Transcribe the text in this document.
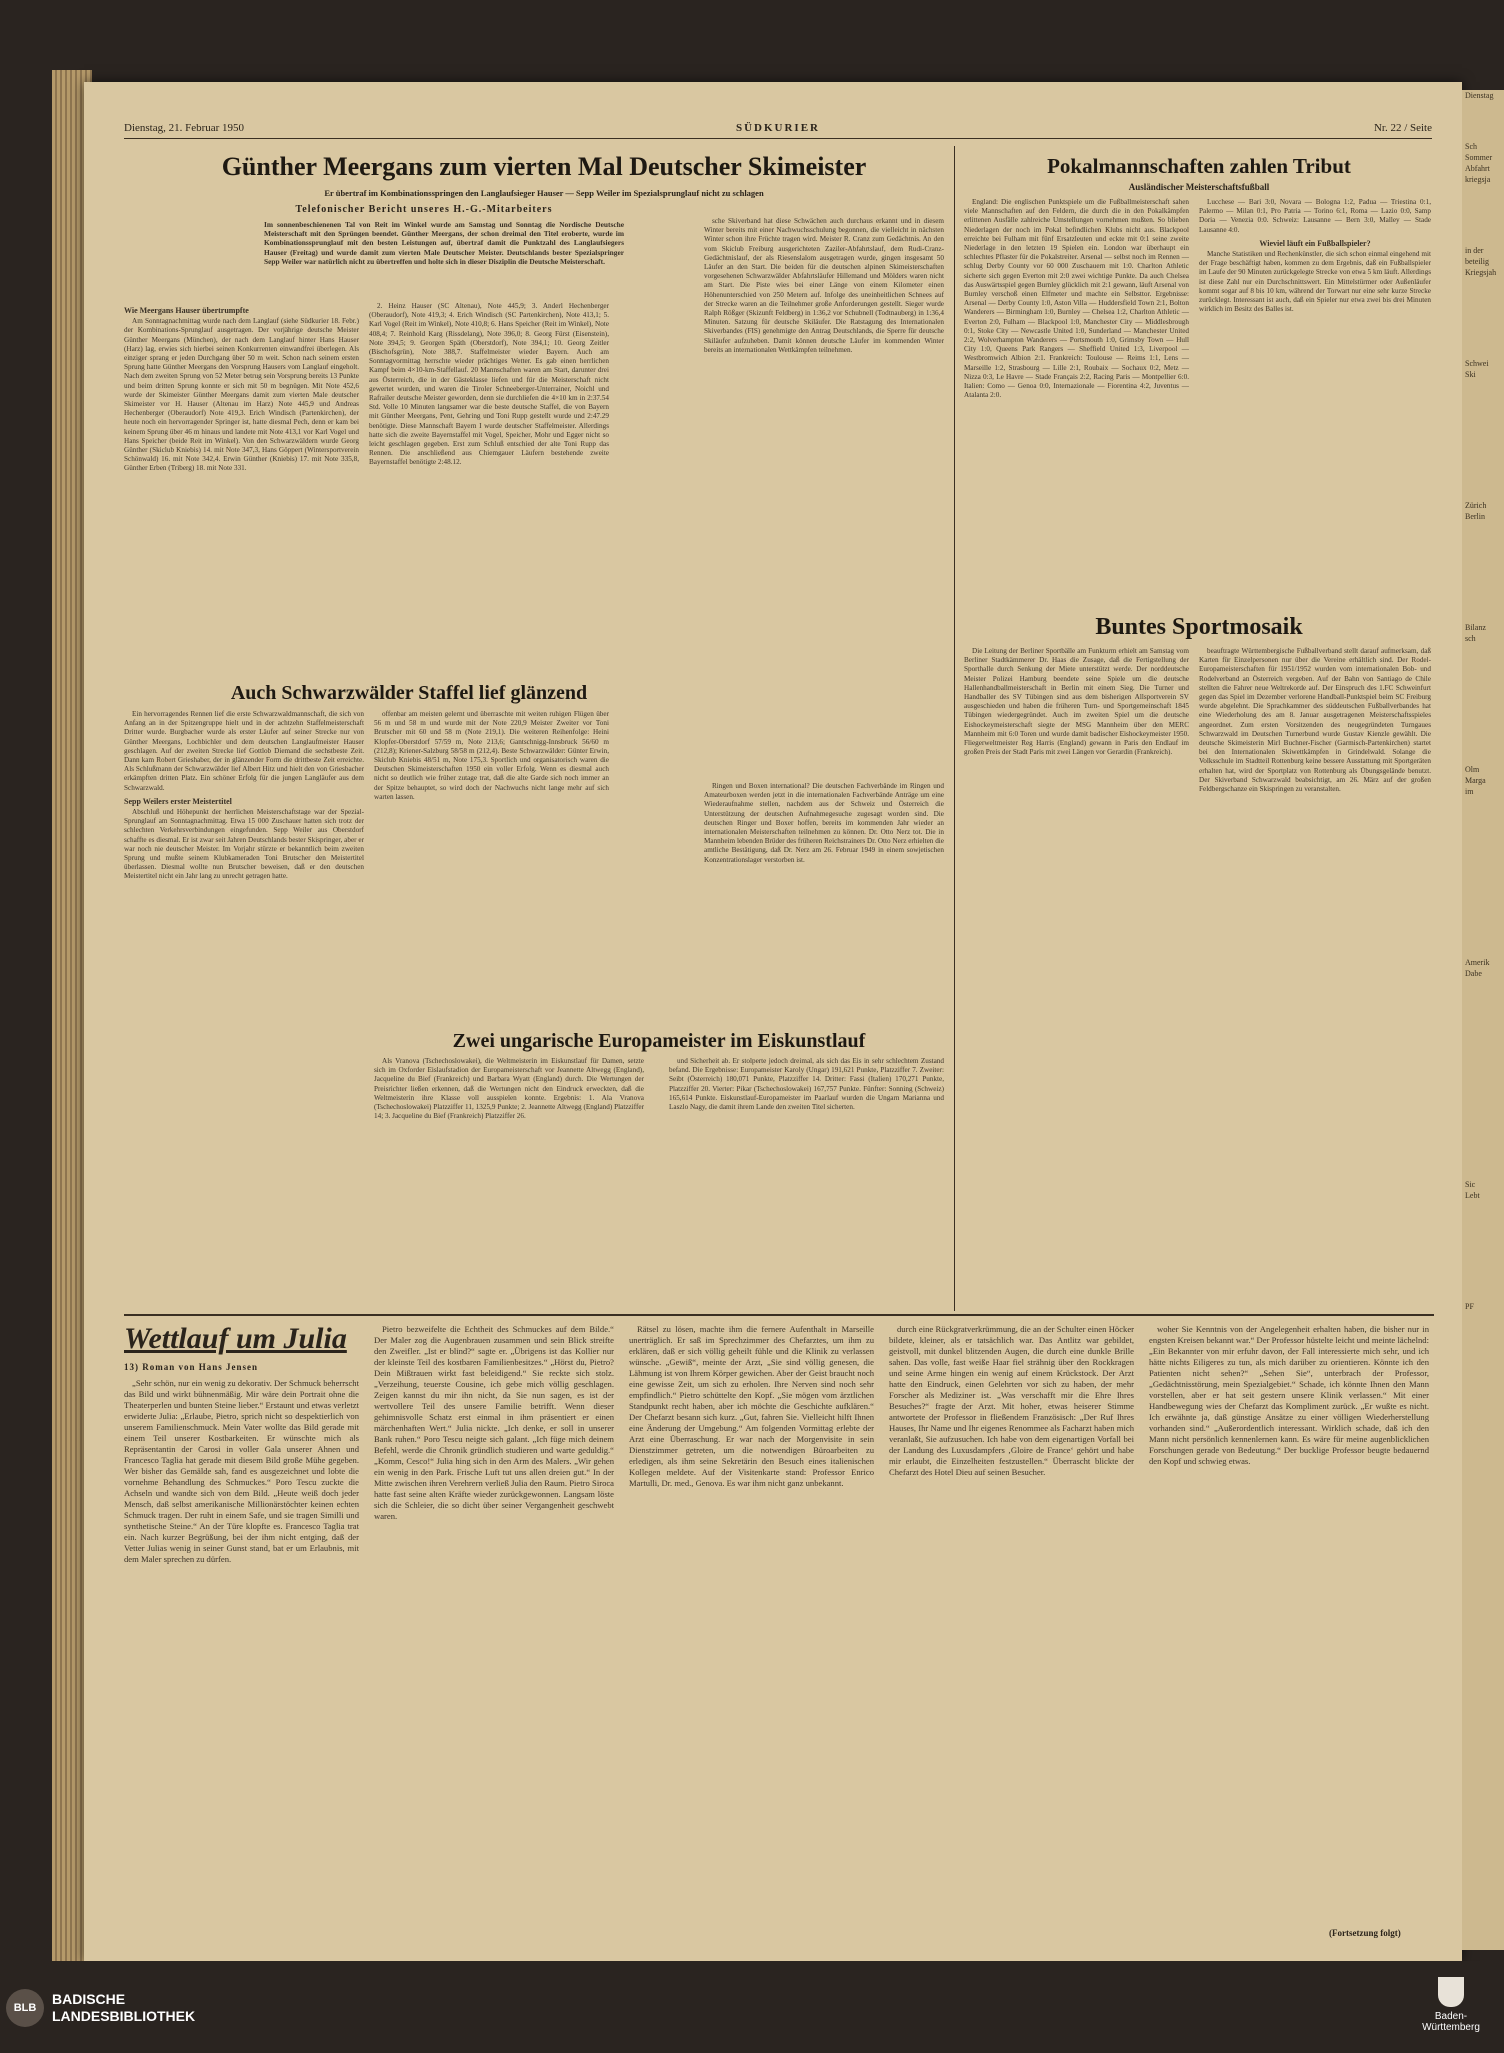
Dienstag, 21. Februar 1950	SÜDKURIER	Nr. 22 / Seite
Günther Meergans zum vierten Mal Deutscher Skimeister
Er übertraf im Kombinationsspringen den Langlaufsieger Hauser — Sepp Weiler im Spezialsprunglauf nicht zu schlagen
Telefonischer Bericht unseres H.-G.-Mitarbeiters
Im sonnenbeschienenen Tal von Reit im Winkel wurde am Samstag und Sonntag die Nordische Deutsche Meisterschaft mit den Sprüngen beendet. Günther Meergans, der schon dreimal den Titel eroberte, wurde im Kombinationssprunglauf mit den besten Leistungen auf, übertraf damit die Punktzahl des Langlaufsiegers Hauser (Freitag) und wurde damit zum vierten Male Deutscher Meister. Deutschlands bester Spezialspringer Sepp Weiler war natürlich nicht zu übertreffen und holte sich in dieser Disziplin die Deutsche Meisterschaft.
Wie Meergans Hauser übertrumpfte

Am Sonntagnachmittag wurde nach dem Langlauf (siehe Südkurier 18. Febr.) der Kombinations-Sprunglauf ausgetragen. Der vorjährige deutsche Meister Günther Meergans (München), der nach dem Langlauf hinter Hans Hauser (Harz) lag, erwies sich hierbei seinen Konkurrenten einwandfrei überlegen. Als einziger sprang er jeden Durchgang über 50 m weit. Schon nach seinem ersten Sprung hatte Günther Meergans den Vorsprung Hausers vom Langlauf eingeholt. Nach dem zweiten Sprung von 52 Meter betrug sein Vorsprung bereits 13 Punkte und beim dritten Sprung konnte er sich mit 50 m begnügen. Mit Note 452,6 wurde der Skimeister Günther Meergans damit zum vierten Male deutscher Skimeister vor H. Hauser (Altenau im Harz) Note 445,9 und Andreas Hechenberger (Oberaudorf) Note 419,3. Erich Windisch (Partenkirchen), der heute noch ein hervorragender Springer ist, hatte diesmal Pech, denn er kam bei keinem Sprung über 46 m hinaus und landete mit Note 413,1 vor Karl Vogel und Hans Speicher (beide Reit im Winkel). Von den Schwarzwäldern wurde Georg Günther (Skiclub Kniebis) 14. mit Note 347,3, Hans Göppert (Wintersportverein Schönwald) 16. mit Note 342,4. Erwin Günther (Kniebis) 17. mit Note 335,8, Günther Erben (Triberg) 18. mit Note 331.

2. Heinz Hauser (SC Altenau), Note 445,9; 3. Anderl Hechenberger (Oberaudorf), Note 419,3; 4. Erich Windisch (SC Partenkirchen), Note 413,1; 5. Karl Vogel (Reit im Winkel), Note 410,8; 6. Hans Speicher (Reit im Winkel), Note 408,4; 7. Reinhold Karg (Rissdelang), Note 396,0; 8. Georg Fürst (Eisenstein), Note 394,5; 9. Georgen Späth (Oberstdorf), Note 394,1; 10. Georg Zeitler (Bischofsgrün), Note 388,7. Staffelmeister wieder Bayern. Auch am Sonntagvormittag herrschte wieder prächtiges Wetter. Es gab einen herrlichen Kampf beim 4×10-km-Staffellauf. 20 Mannschaften waren am Start, darunter drei aus Österreich, die in der Gästeklasse liefen und für die Meisterschaft nicht gewertet wurden, und waren die Tiroler Schneeberger-Unterrainer, Noichl und Rafrailer deutsche Meister geworden, denn sie durchliefen die 4×10 km in 2:37.54 Std. Volle 10 Minuten langsamer war die beste deutsche Staffel, die von Bayern mit Günther Meergans, Pent, Gehring und Toni Rupp gestellt wurde und 2:47.29 benötigte. Diese Mannschaft Bayern I wurde deutscher Staffelmeister. Allerdings hatte sich die zweite Bayernstaffel mit Vogel, Speicher, Mohr und Egger nicht so leicht geschlagen gegeben. Erst zum Schluß entschied der alte Toni Rupp das Rennen. Die anschließend aus Chiemgauer Läufern bestehende zweite Bayernstaffel benötigte 2:48.12.

sche Skiverband hat diese Schwächen auch durchaus erkannt und in diesem Winter bereits mit einer Nachwuchsschulung begonnen, die vielleicht in nächsten Winter schon ihre Früchte tragen wird. Meister R. Cranz zum Gedächtnis. An den vom Skiclub Freiburg ausgerichteten Zaziler-Abfahrtslauf, dem Rudi-Cranz-Gedächtnislauf, der als Riesenslalom ausgetragen wurde, gingen insgesamt 50 Läufer an den Start. Die beiden für die deutschen alpinen Skimeisterschaften vorgesehenen Schwarzwälder Abfahrtsläufer Hillemand und Mölders waren nicht am Start. Die Piste wies bei einer Länge von einem Kilometer einen Höhenunterschied von 250 Metern auf. Infolge des uneinheitlichen Schnees auf der Strecke waren an die Teilnehmer große Anforderungen gestellt. Sieger wurde Ralph Rößger (Skizunft Feldberg) in 1:36,2 vor Schubnell (Todtnauberg) in 1:36,4 Minuten. Satzung für deutsche Skiläufer. Die Ratstagung des Internationalen Skiverbandes (FIS) genehmigte den Antrag Deutschlands, die Sperre für deutsche Skiläufer aufzuheben. Damit können deutsche Läufer im kommenden Winter bereits an internationalen Wettkämpfen teilnehmen.

Auch Schwarzwälder Staffel lief glänzend

Ein hervorragendes Rennen lief die erste Schwarzwaldmannschaft, die sich von Anfang an in der Spitzengruppe hielt und in der achtzehn Staffelmeisterschaft Dritter wurde. Burgbacher wurde als erster Läufer auf seiner Strecke nur von Günther Meergans, Lochbichler und dem deutschen Langlaufmeister Hauser geschlagen. Auf der zweiten Strecke lief Gottlob Diemand die sechstbeste Zeit. Dann kam Robert Grieshaber, der in glänzender Form die drittbeste Zeit erreichte. Als Schlußmann der Schwarzwälder lief Albert Hitz und hielt den von Griesbacher erkämpften dritten Platz. Ein schöner Erfolg für die jungen Langläufer aus dem Schwarzwald.

Sepp Weilers erster Meistertitel

Abschluß und Höhepunkt der herrlichen Meisterschaftstage war der Spezial-Sprunglauf am Sonntagnachmittag. Etwa 15 000 Zuschauer hatten sich trotz der schlechten Verkehrsverbindungen eingefunden. Sepp Weiler aus Oberstdorf schaffte es diesmal. Er ist zwar seit Jahren Deutschlands bester Skispringer, aber er war noch nie deutscher Meister. Im Vorjahr stürzte er bekanntlich beim zweiten Sprung und mußte seinem Klubkameraden Toni Brutscher den Meistertitel überlassen. Diesmal wollte nun Brutscher beweisen, daß er den deutschen Meistertitel nicht ein Jahr lang zu unrecht getragen hatte.

offenbar am meisten gelernt und überraschte mit weiten ruhigen Flügen über 56 m und 58 m und wurde mit der Note 220,9 Meister Zweiter vor Toni Brutscher mit 60 und 58 m (Note 219,1). Die weiteren Reihenfolge: Heini Klopfer-Oberstdorf 57/59 m, Note 213,6; Gantschnigg-Innsbruck 56/60 m (212,8); Kriener-Salzburg 58/58 m (212,4). Beste Schwarzwälder: Günter Erwin, Skiclub Kniebis 48/51 m, Note 175,3. Sportlich und organisatorisch waren die Deutschen Skimeisterschaften 1950 ein voller Erfolg. Wenn es diesmal auch nicht so deutlich wie früher zutage trat, daß die alte Garde sich noch immer an der Spitze behauptet, so wird doch der Nachwuchs nicht lange mehr auf sich warten lassen.

Ringen und Boxen international? Die deutschen Fachverbände im Ringen und Amateurboxen werden jetzt in die internationalen Fachverbände Anträge um eine Wiederaufnahme stellen, nachdem aus der Schweiz und Österreich die Unterstützung der deutschen Aufnahmegesuche zugesagt worden sind. Die deutschen Ringer und Boxer hoffen, bereits im kommenden Jahr wieder an internationalen Meisterschaften teilnehmen zu können. Dr. Otto Nerz tot. Die in Mannheim lebenden Brüder des früheren Reichstrainers Dr. Otto Nerz erhielten die amtliche Bestätigung, daß Dr. Nerz am 26. Februar 1949 in einem sowjetischen Konzentrationslager verstorben ist.

Zwei ungarische Europameister im Eiskunstlauf

Als Vranova (Tschechoslowakei), die Weltmeisterin im Eiskunstlauf für Damen, setzte sich im Oxforder Eislaufstadion der Europameisterschaft vor Jeannette Altwegg (England), Jacqueline du Bief (Frankreich) und Barbara Wyatt (England) durch. Die Wertungen der Preisrichter ließen erkennen, daß die Wertungen nicht den Eindruck erweckten, daß die Weltmeisterin ihre Klasse voll ausspielen konnte. Ergebnis: 1. Ala Vranova (Tschechoslowakei) Platzziffer 11, 1325,9 Punkte; 2. Jeannette Altwegg (England) Platzziffer 14; 3. Jacqueline du Bief (Frankreich) Platzziffer 26.

und Sicherheit ab. Er stolperte jedoch dreimal, als sich das Eis in sehr schlechtem Zustand befand. Die Ergebnisse: Europameister Karoly (Ungar) 191,621 Punkte, Platzziffer 7. Zweiter: Seibt (Österreich) 180,071 Punkte, Platzziffer 14. Dritter: Fassi (Italien) 170,271 Punkte, Platzziffer 20. Vierter: Pikar (Tschechoslowakei) 167,757 Punkte. Fünfter: Sonning (Schweiz) 165,614 Punkte. Eiskunstlauf-Europameister im Paarlauf wurden die Ungarn Marianna und Laszlo Nagy, die damit ihrem Lande den zweiten Titel sicherten.

Pokalmannschaften zahlen Tribut
Ausländischer Meisterschaftsfußball

England: Die englischen Punktspiele um die Fußballmeisterschaft sahen viele Mannschaften auf den Feldern, die durch die in den Pokalkämpfen erlittenen Ausfälle zahlreiche Umstellungen vornehmen mußten. So blieben Niederlagen der noch im Pokal befindlichen Klubs nicht aus. Blackpool erreichte bei Fulham mit fünf Ersatzleuten und eckte mit 0:1 seine zweite Niederlage in den letzten 19 Spielen ein. London war überhaupt ein schlechtes Pflaster für die Pokalstreiter. Arsenal — selbst noch im Rennen — schlug Derby County vor 60 000 Zuschauern mit 1:0. Charlton Athletic sicherte sich gegen Everton mit 2:0 zwei wichtige Punkte. Da auch Chelsea das Auswärtsspiel gegen Burnley glücklich mit 2:1 gewann, läuft Arsenal von Burnley verschoß einen Elfmeter und machte ein Selbsttor. Ergebnisse: Arsenal — Derby County 1:0, Aston Villa — Huddersfield Town 2:1, Bolton Wanderers — Birmingham 1:0, Burnley — Chelsea 1:2, Charlton Athletic — Everton 2:0, Fulham — Blackpool 1:0, Manchester City — Middlesbrough 0:1, Stoke City — Newcastle United 1:0, Sunderland — Manchester United 2:2, Wolverhampton Wanderers — Portsmouth 1:0, Grimsby Town — Hull City 1:0, Queens Park Rangers — Sheffield United 1:3, Liverpool — Westbromwich Albion 2:1. Frankreich: Toulouse — Reims 1:1, Lens — Marseille 1:2, Strasbourg — Lille 2:1, Roubaix — Sochaux 0:2, Metz — Nizza 0:3, Le Havre — Stade Français 2:2, Racing Paris — Montpellier 6:0. Italien: Como — Genoa 0:0, Internazionale — Fiorentina 4:2, Juventus — Atalanta 2:0.

Lucchese — Bari 3:0, Novara — Bologna 1:2, Padua — Triestina 0:1, Palermo — Milan 0:1, Pro Patria — Torino 6:1, Roma — Lazio 0:0, Samp Doria — Venezia 0:0. Schweiz: Lausanne — Bern 3:0, Malley — Stade Lausanne 4:0.

Wieviel läuft ein Fußballspieler?

Manche Statistiken und Rechenkünstler, die sich schon einmal eingehend mit der Frage beschäftigt haben, kommen zu dem Ergebnis, daß ein Fußballspieler im Laufe der 90 Minuten zurückgelegte Strecke von etwa 5 km läuft. Allerdings ist diese Zahl nur ein Durchschnittswert. Ein Mittelstürmer oder Außenläufer kommt sogar auf 8 bis 10 km, während der Torwart nur eine sehr kurze Strecke zurücklegt. Interessant ist auch, daß ein Spieler nur etwa zwei bis drei Minuten wirklich im Besitz des Balles ist.

Buntes Sportmosaik

Die Leitung der Berliner Sportbälle am Funkturm erhielt am Samstag vom Berliner Stadtkämmerer Dr. Haas die Zusage, daß die Fertigstellung der Sporthalle durch Senkung der Miete unterstützt werde. Der norddeutsche Meister Polizei Hamburg beendete seine Spiele um die deutsche Hallenhandballmeisterschaft in Berlin mit einem Sieg. Die Turner und Handballer des SV Tübingen sind aus dem bisherigen Allsportverein SV ausgeschieden und haben die früheren Turn- und Sportgemeinschaft 1845 Tübingen wiedergegründet. Auch im zweiten Spiel um die deutsche Eishockeymeisterschaft siegte der MSG Mannheim über den MERC Mannheim mit 6:0 Toren und wurde damit badischer Eishockeymeister 1950. Fliegerweltmeister Reg Harris (England) gewann in Paris den Endlauf im großen Preis der Stadt Paris mit zwei Längen vor Gerardin (Frankreich).

beauftragte Württembergische Fußballverband stellt darauf aufmerksam, daß Karten für Einzelpersonen nur über die Vereine erhältlich sind. Der Rodel-Europameisterschaften für 1951/1952 wurden vom internationalen Bob- und Rodelverband an Österreich vergeben. Auf der Bahn von Santiago de Chile stellten die Fahrer neue Weltrekorde auf. Der Einspruch des 1.FC Schweinfurt gegen das Spiel im Dezember verlorene Handball-Punktspiel beim SC Freiburg wurde abgelehnt. Die Sprachkammer des süddeutschen Fußballverbandes hat eine Wiederholung des am 8. Januar ausgetragenen Meisterschaftsspieles angeordnet. Zum ersten Vorsitzenden des neugegründeten Turngaues Schwarzwald im Deutschen Turnerbund wurde Gustav Kienzle gewählt. Die deutsche Skimeisterin Mirl Buchner-Fischer (Garmisch-Partenkirchen) startet bei den Internationalen Skiwettkämpfen in Grindelwald. Solange die Volksschule im Stadtteil Rottenburg keine bessere Ausstattung mit Sportgeräten erhalten hat, wird der Sportplatz von Rottenburg als Übungsgelände benutzt. Der Skiverband Schwarzwald beabsichtigt, am 26. März auf der großen Feldbergschanze ein Skispringen zu veranstalten.

Wettlauf um Julia
13) Roman von Hans Jensen

„Sehr schön, nur ein wenig zu dekorativ. Der Schmuck beherrscht das Bild und wirkt bühnenmäßig. Mir wäre dein Portrait ohne die Theaterperlen und bunten Steine lieber.“ Erstaunt und etwas verletzt erwiderte Julia: „Erlaube, Pietro, sprich nicht so despektierlich von unserem Familienschmuck. Mein Vater wollte das Bild gerade mit einem Teil unserer Kostbarkeiten. Er wünschte mich als Repräsentantin der Carosi in voller Gala unserer Ahnen und Francesco Taglia hat gerade mit diesem Bild große Mühe gegeben. Wer bisher das Gemälde sah, fand es ausgezeichnet und lobte die vornehme Behandlung des Schmuckes.“ Poro Tescu zuckte die Achseln und wandte sich von dem Bild. „Heute weiß doch jeder Mensch, daß selbst amerikanische Millionärstöchter keinen echten Schmuck tragen. Der ruht in einem Safe, und sie tragen Similli und synthetische Steine.“ An der Türe klopfte es. Francesco Taglia trat ein. Nach kurzer Begrüßung, bei der ihm nicht entging, daß der Vetter Julias wenig in seiner Gunst stand, bat er um Erlaubnis, mit dem Maler sprechen zu dürfen.

Pietro bezweifelte die Echtheit des Schmuckes auf dem Bilde.“ Der Maler zog die Augenbrauen zusammen und sein Blick streifte den Zweifler. „Ist er blind?“ sagte er. „Übrigens ist das Kollier nur der kleinste Teil des kostbaren Familienbesitzes.“ „Hörst du, Pietro? Dein Mißtrauen wirkt fast beleidigend.“ Sie reckte sich stolz. „Verzeihung, teuerste Cousine, ich gebe mich völlig geschlagen. Zeigen kannst du mir ihn nicht, da Sie nun sagen, es ist der wertvollere Teil des unsere Familie betrifft. Wenn dieser gehimnisvolle Schatz erst einmal in ihm präsentiert er einen märchenhaften Wert.“ Julia nickte. „Ich denke, er soll in unserer Bank ruhen.“ Poro Tescu neigte sich galant. „Ich füge mich deinem Befehl, werde die Chronik gründlich studieren und warte geduldig.“ „Komm, Cesco!“ Julia hing sich in den Arm des Malers. „Wir gehen ein wenig in den Park. Frische Luft tut uns allen dreien gut.“ In der Mitte zwischen ihren Verehrern verließ Julia den Raum. Pietro Siroca hatte fast seine alten Kräfte wieder zurückgewonnen. Langsam löste sich die Schleier, die so dicht über seiner Vergangenheit geschwebt waren.

Rätsel zu lösen, machte ihm die fernere Aufenthalt in Marseille unerträglich. Er saß im Sprechzimmer des Chefarztes, um ihm zu erklären, daß er sich völlig geheilt fühle und die Klinik zu verlassen wünsche. „Gewiß“, meinte der Arzt, „Sie sind völlig genesen, die Lähmung ist von Ihrem Körper gewichen. Aber der Geist braucht noch eine gewisse Zeit, um sich zu erholen. Ihre Nerven sind noch sehr empfindlich.“ Pietro schüttelte den Kopf. „Sie mögen vom ärztlichen Standpunkt recht haben, aber ich möchte die Geschichte aufklären.“ Der Chefarzt besann sich kurz. „Gut, fahren Sie. Vielleicht hilft Ihnen eine Änderung der Umgebung.“ Am folgenden Vormittag erlebte der Arzt eine Überraschung. Er war nach der Morgenvisite in sein Dienstzimmer getreten, um die notwendigen Büroarbeiten zu erledigen, als ihm seine Sekretärin den Besuch eines italienischen Kollegen meldete. Auf der Visitenkarte stand: Professor Enrico Martulli, Dr. med., Genova. Es war ihm nicht ganz unbekannt.

durch eine Rückgratverkrümmung, die an der Schulter einen Höcker bildete, kleiner, als er tatsächlich war. Das Antlitz war gebildet, geistvoll, mit dunkel blitzenden Augen, die durch eine dunkle Brille sahen. Das volle, fast weiße Haar fiel strähnig über den Rockkragen und seine Arme hingen ein wenig auf einem Krückstock. Der Arzt hatte den Eindruck, einen Gelehrten vor sich zu haben, der mehr Forscher als Mediziner ist. „Was verschafft mir die Ehre Ihres Besuches?“ fragte der Arzt. Mit hoher, etwas heiserer Stimme antwortete der Professor in fließendem Französisch: „Der Ruf Ihres Hauses, Ihr Name und Ihr eigenes Renommee als Facharzt haben mich veranlaßt, Sie aufzusuchen. Ich habe von dem eigenartigen Vorfall bei der Landung des Luxusdampfers ‚Gloire de France‘ gehört und habe mir erlaubt, die Einzelheiten festzustellen.“ Überrascht blickte der Chefarzt des Hotel Dieu auf seinen Besucher.

woher Sie Kenntnis von der Angelegenheit erhalten haben, die bisher nur in engsten Kreisen bekannt war.“ Der Professor hüstelte leicht und meinte lächelnd: „Ein Bekannter von mir erfuhr davon, der Fall interessierte mich sehr, und ich hätte nichts Eiligeres zu tun, als mich darüber zu orientieren. Könnte ich den Patienten nicht sehen?“ „Sehen Sie“, unterbrach der Professor, „Gedächtnisstörung, mein Spezialgebiet.“ Schade, ich könnte Ihnen den Mann vorstellen, aber er hat seit gestern unsere Klinik verlassen.“ Mit einer Handbewegung wies der Chefarzt das Kompliment zurück. „Er wußte es nicht. Ich erwähnte ja, daß günstige Ansätze zu einer völligen Wiederherstellung vorhanden sind.“ „Außerordentlich interessant. Wirklich schade, daß ich den Mann nicht persönlich kennenlernen kann. Es wäre für meine augenblicklichen Forschungen gerade von Bedeutung.“ Der bucklige Professor beugte bedauernd den Kopf und schwieg etwas.

(Fortsetzung folgt)
Dienstag
Sch
Sommer
Abfahrt
kriegsja
in der
beteilig
Kriegsjah
Schwei
Ski
Zürich
Berlin
Bilanz
sch
Olm
Marga
im
Amerik
Dabe
Sic
Lebt
PF
BLB
BADISCHE
LANDESBIBLIOTHEK	Baden-Württemberg
